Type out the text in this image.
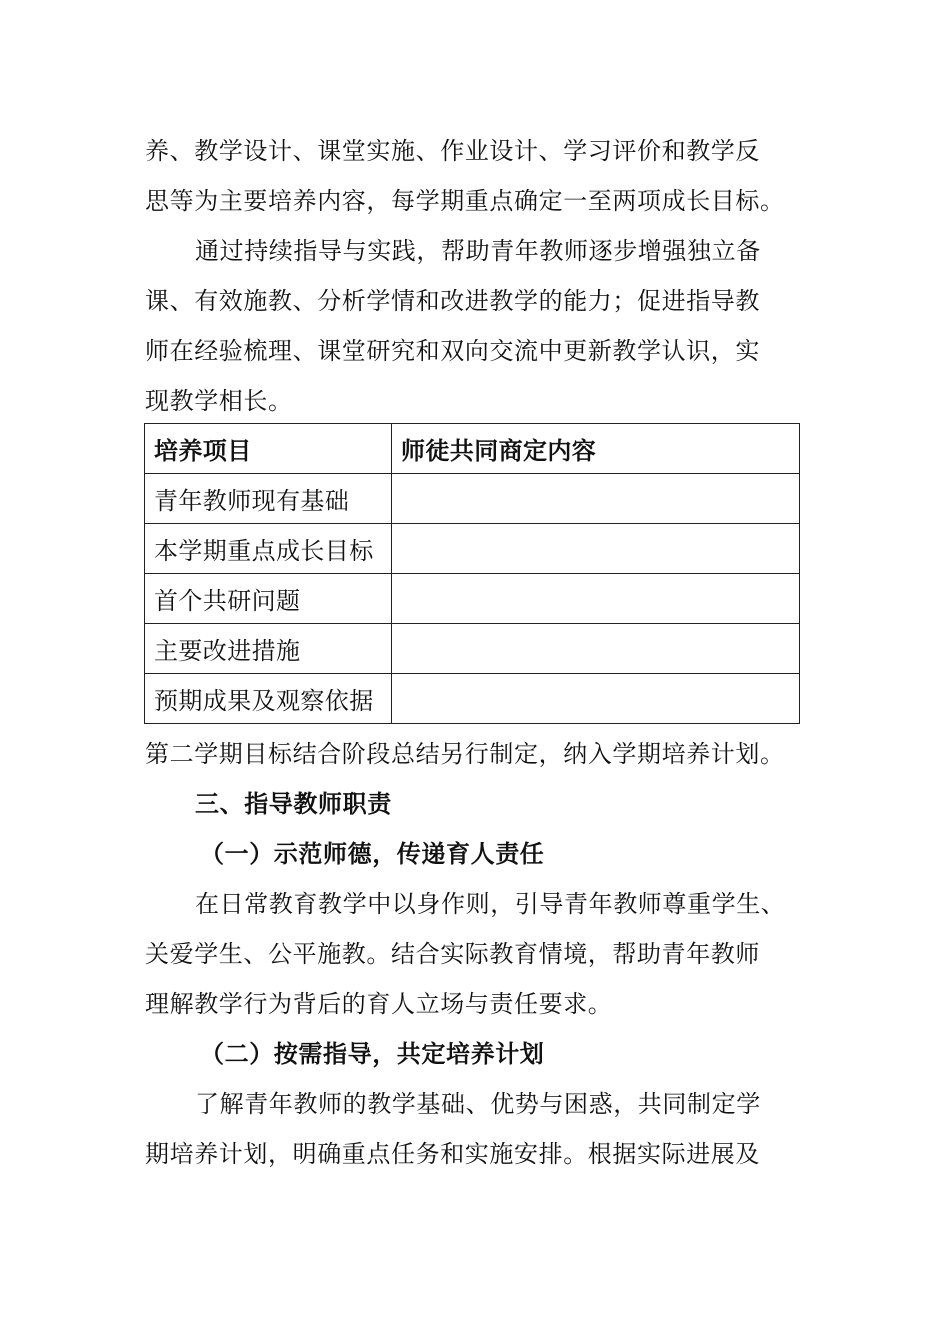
养、教学设计、课堂实施、作业设计、学习评价和教学反
思等为主要培养内容，每学期重点确定一至两项成长目标。
通过持续指导与实践，帮助青年教师逐步增强独立备
课、有效施教、分析学情和改进教学的能力；促进指导教
师在经验梳理、课堂研究和双向交流中更新教学认识，实
现教学相长。
培养项目	师徒共同商定内容
青年教师现有基础	
本学期重点成长目标	
首个共研问题	
主要改进措施	
预期成果及观察依据	
第二学期目标结合阶段总结另行制定，纳入学期培养计划。
三、指导教师职责
（一）示范师德，传递育人责任
在日常教育教学中以身作则，引导青年教师尊重学生、
关爱学生、公平施教。结合实际教育情境，帮助青年教师
理解教学行为背后的育人立场与责任要求。
（二）按需指导，共定培养计划
了解青年教师的教学基础、优势与困惑，共同制定学
期培养计划，明确重点任务和实施安排。根据实际进展及
